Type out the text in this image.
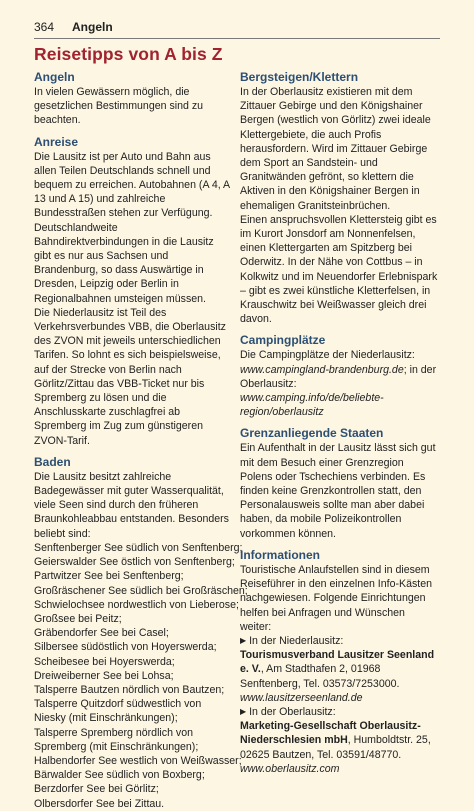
364 Angeln
Reisetipps von A bis Z
Angeln

In vielen Gewässern möglich, die gesetzlichen Bestimmungen sind zu beachten.

Anreise

Die Lausitz ist per Auto und Bahn aus allen Teilen Deutschlands schnell und bequem zu erreichen. Autobahnen (A 4, A 13 und A 15) und zahlreiche Bundesstraßen stehen zur Verfügung. Deutschlandweite Bahndirektverbindungen in die Lausitz gibt es nur aus Sachsen und Brandenburg, so dass Auswärtige in Dresden, Leipzig oder Berlin in Regionalbahnen umsteigen müssen.

Die Niederlausitz ist Teil des Verkehrsverbundes VBB, die Oberlausitz des ZVON mit jeweils unterschiedlichen Tarifen. So lohnt es sich beispielsweise, auf der Strecke von Berlin nach Görlitz/Zittau das VBB-Ticket nur bis Spremberg zu lösen und die Anschlusskarte zuschlagfrei ab Spremberg im Zug zum günstigeren ZVON-Tarif.

Baden

Die Lausitz besitzt zahlreiche Badegewässer mit guter Wasserqualität, viele Seen sind durch den früheren Braunkohleabbau entstanden. Besonders beliebt sind:

Senftenberger See südlich von Senftenberg;
Geierswalder See östlich von Senftenberg;
Partwitzer See bei Senftenberg;
Großräschener See südlich bei Großräschen;
Schwielochsee nordwestlich von Lieberose;
Großsee bei Peitz;
Gräbendorfer See bei Casel;
Silbersee südöstlich von Hoyerswerda;
Scheibesee bei Hoyerswerda;
Dreiweiberner See bei Lohsa;
Talsperre Bautzen nördlich von Bautzen;

Talsperre Quitzdorf südwestlich von Niesky (mit Einschränkungen);

Talsperre Spremberg nördlich von Spremberg (mit Einschränkungen);

Halbendorfer See westlich von Weißwasser;
Bärwalder See südlich von Boxberg;
Berzdorfer See bei Görlitz;
Olbersdorfer See bei Zittau.
Bergsteigen/Klettern

In der Oberlausitz existieren mit dem Zittauer Gebirge und den Königshainer Bergen (westlich von Görlitz) zwei ideale Klettergebiete, die auch Profis herausfordern. Wird im Zittauer Gebirge dem Sport an Sandstein- und Granitwänden gefrönt, so klettern die Aktiven in den Königshainer Bergen in ehemaligen Granitsteinbrüchen.

Einen anspruchsvollen Klettersteig gibt es im Kurort Jonsdorf am Nonnenfelsen, einen Klettergarten am Spitzberg bei Oderwitz. In der Nähe von Cottbus – in Kolkwitz und im Neuendorfer Erlebnispark – gibt es zwei künstliche Kletterfelsen, in Krauschwitz bei Weißwasser gleich drei davon.

Campingplätze

Die Campingplätze der Niederlausitz: www.campingland-brandenburg.de; in der Oberlausitz:

www.camping.info/de/beliebte-region/oberlausitz

Grenzanliegende Staaten

Ein Aufenthalt in der Lausitz lässt sich gut mit dem Besuch einer Grenzregion Polens oder Tschechiens verbinden. Es finden keine Grenzkontrollen statt, den Personalausweis sollte man aber dabei haben, da mobile Polizeikontrollen vorkommen können.

Informationen

Touristische Anlaufstellen sind in diesem Reiseführer in den einzelnen Info-Kästen nachgewiesen. Folgende Einrichtungen helfen bei Anfragen und Wünschen weiter:

▶ In der Niederlausitz:

Tourismusverband Lausitzer Seenland e. V., Am Stadthafen 2, 01968 Senftenberg, Tel. 03573/7253000.

www.lausitzerseenland.de

▶ In der Oberlausitz:

Marketing-Gesellschaft Oberlausitz-Niederschlesien mbH, Humboldtstr. 25, 02625 Bautzen, Tel. 03591/48770.

www.oberlausitz.com
